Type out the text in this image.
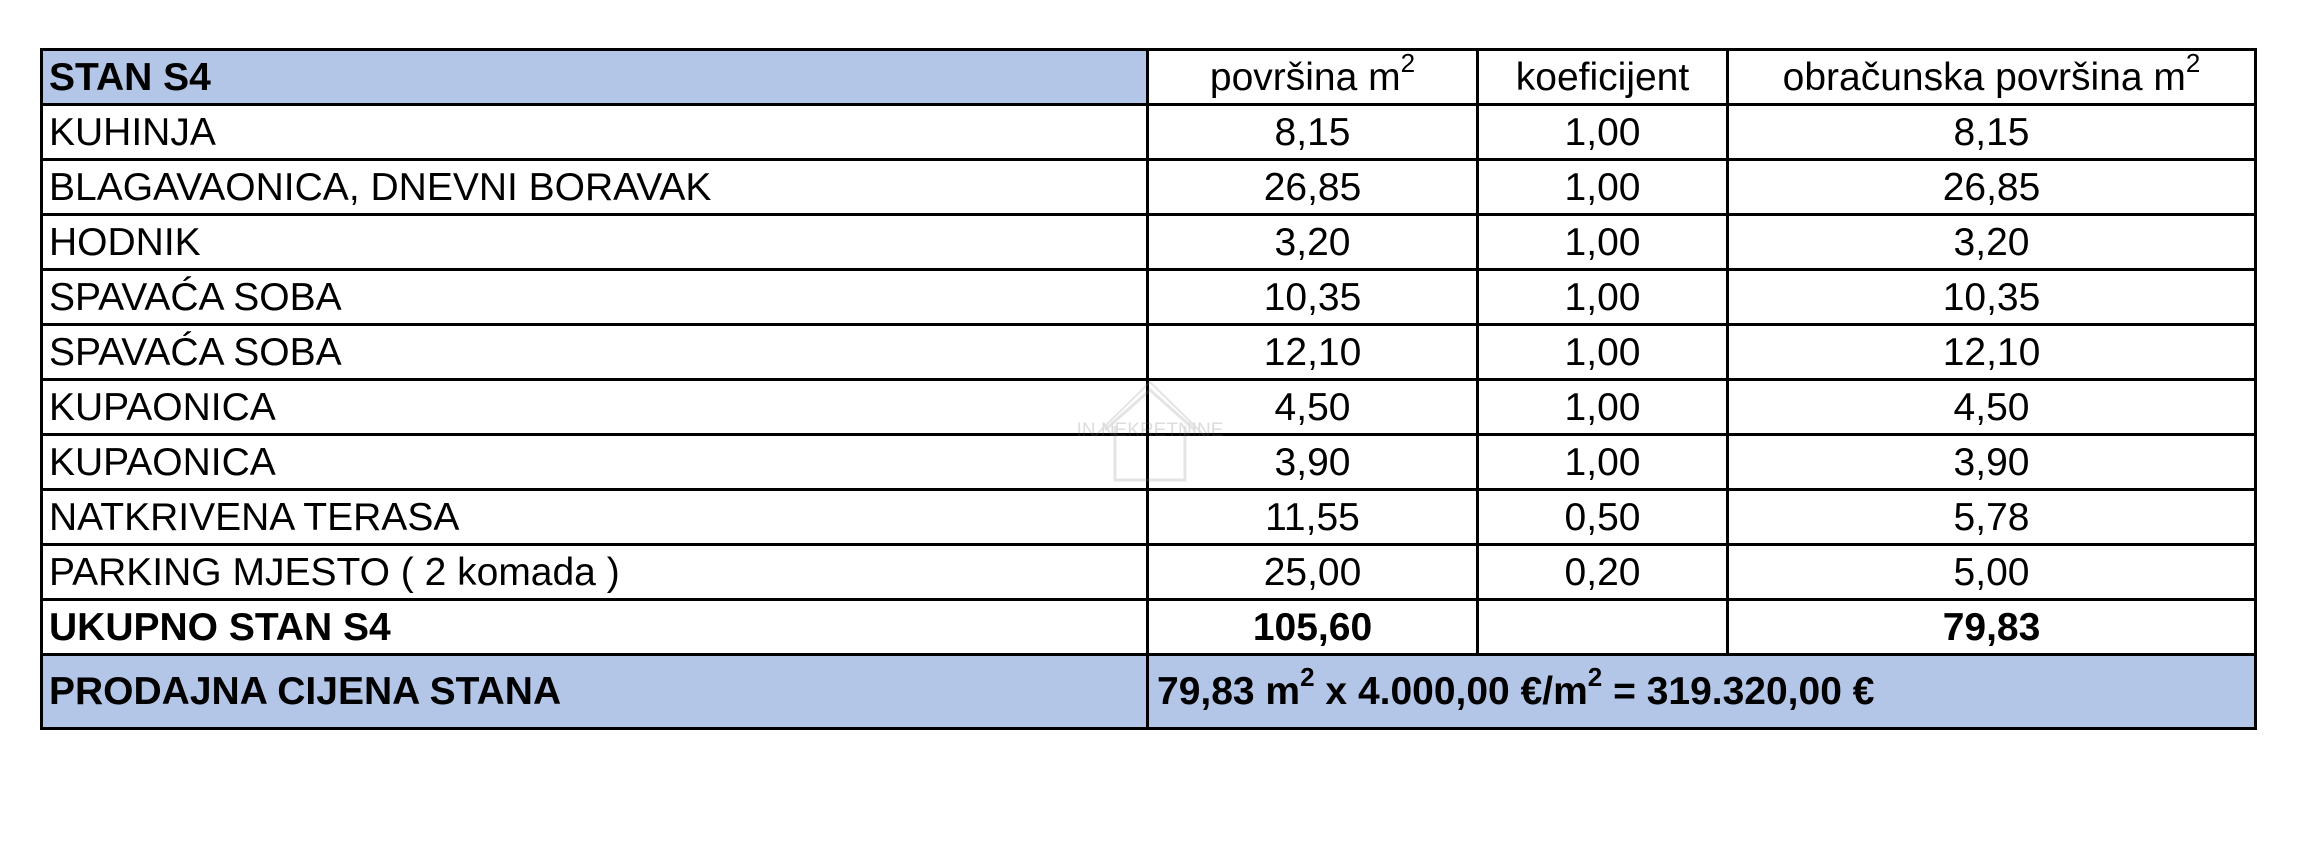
STAN S4	površina $m^2$	koeficijent	obračunska površina $m^2$
KUHINJA	8,15	1,00	8,15
BLAGAVAONICA, DNEVNI BORAVAK	26,85	1,00	26,85
HODNIK	3,20	1,00	3,20
SPAVAĆA SOBA	10,35	1,00	10,35
SPAVAĆA SOBA	12,10	1,00	12,10
KUPAONICA	4,50	1,00	4,50
KUPAONICA	3,90	1,00	3,90
NATKRIVENA TERASA	11,55	0,50	5,78
PARKING MJESTO ( 2 komada )	25,00	0,20	5,00
UKUPNO STAN S4	105,60		79,83
PRODAJNA CIJENA STANA	79,83 $m^2$ x 4.000,00 $€/m^2 = 319.320,00$ €		
IN NEKRETNINE
